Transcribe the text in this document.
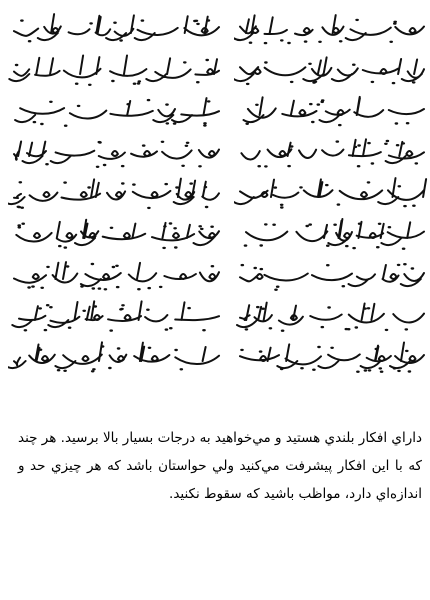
داراي افكار بلندي هستيد و مي‌خواهيد به درجات بسيار بالا برسيد. هر چند كه با اين افكار پيشرفت مي‌كنيد ولي حواستان باشد كه هر چيزي حد و اندازه‌اي دارد، مواظب باشيد كه سقوط نكنيد.
